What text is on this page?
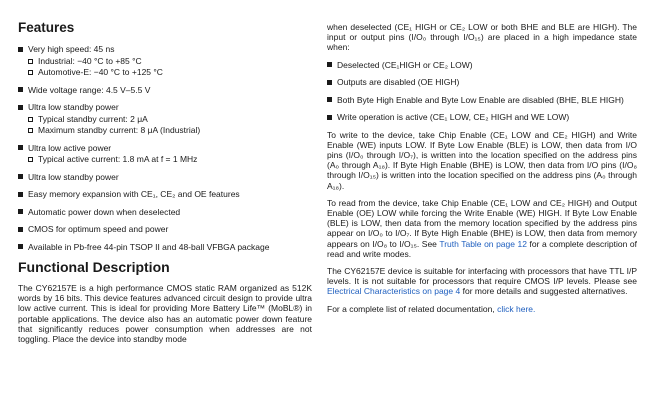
Features
Very high speed: 45 ns
Industrial: −40 °C to +85 °C
Automotive-E: −40 °C to +125 °C
Wide voltage range: 4.5 V–5.5 V
Ultra low standby power
Typical standby current: 2 μA
Maximum standby current: 8 μA (Industrial)
Ultra low active power
Typical active current: 1.8 mA at f = 1 MHz
Ultra low standby power
Easy memory expansion with CE₁, CE₂ and OE features
Automatic power down when deselected
CMOS for optimum speed and power
Available in Pb-free 44-pin TSOP II and 48-ball VFBGA package
Functional Description

The CY62157E is a high performance CMOS static RAM organized as 512K words by 16 bits. This device features advanced circuit design to provide ultra low active current. This is ideal for providing More Battery Life™ (MoBL®) in portable applications. The device also has an automatic power down feature that significantly reduces power consumption when addresses are not toggling. Place the device into standby mode

when deselected (CE₁ HIGH or CE₂ LOW or both BHE and BLE are HIGH). The input or output pins (I/O₀ through I/O₁₅) are placed in a high impedance state when:

Deselected (CE₁HIGH or CE₂ LOW)
Outputs are disabled (OE HIGH)
Both Byte High Enable and Byte Low Enable are disabled (BHE, BLE HIGH)
Write operation is active (CE₁ LOW, CE₂ HIGH and WE LOW)

To write to the device, take Chip Enable (CE₁ LOW and CE₂ HIGH) and Write Enable (WE) inputs LOW. If Byte Low Enable (BLE) is LOW, then data from I/O pins (I/O₀ through I/O₇), is written into the location specified on the address pins (A₀ through A₁₈). If Byte High Enable (BHE) is LOW, then data from I/O pins (I/O₈ through I/O₁₅) is written into the location specified on the address pins (A₀ through A₁₈).

To read from the device, take Chip Enable (CE₁ LOW and CE₂ HIGH) and Output Enable (OE) LOW while forcing the Write Enable (WE) HIGH. If Byte Low Enable (BLE) is LOW, then data from the memory location specified by the address pins appear on I/O₀ to I/O₇. If Byte High Enable (BHE) is LOW, then data from memory appears on I/O₈ to I/O₁₅. See Truth Table on page 12 for a complete description of read and write modes.

The CY62157E device is suitable for interfacing with processors that have TTL I/P levels. It is not suitable for processors that require CMOS I/P levels. Please see Electrical Characteristics on page 4 for more details and suggested alternatives.

For a complete list of related documentation, click here.
